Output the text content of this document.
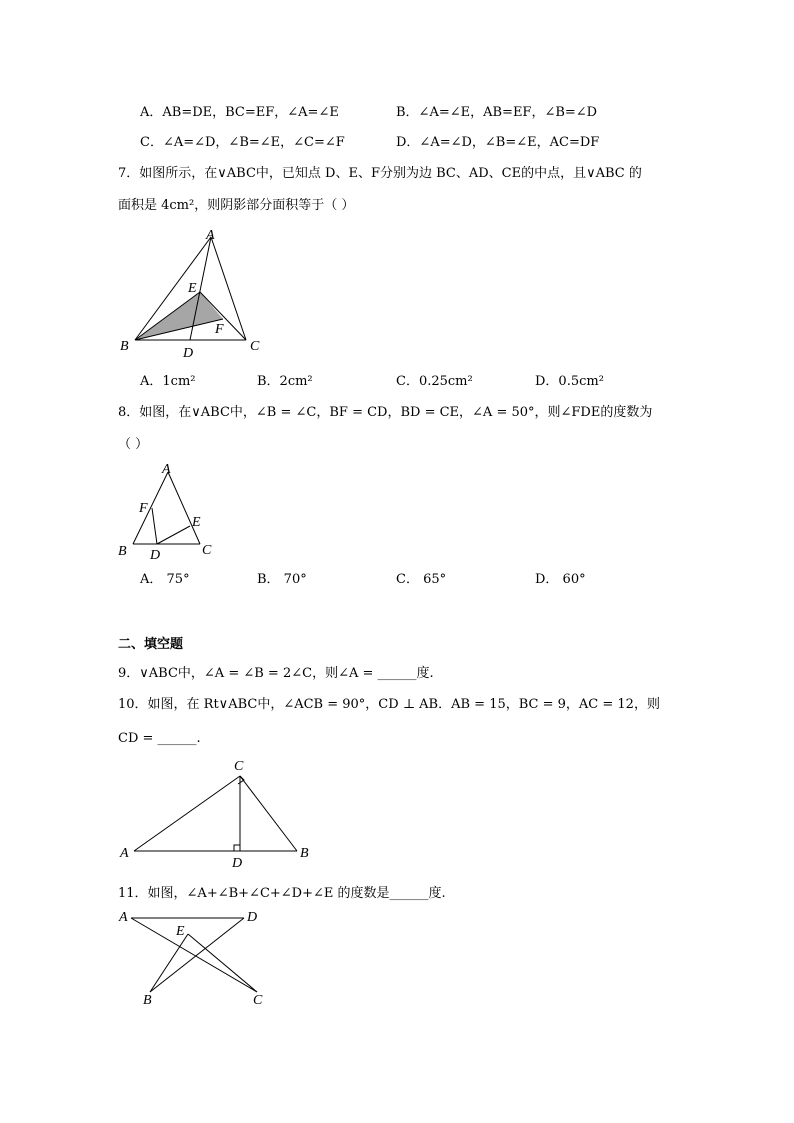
A．AB=DE，BC=EF，∠A=∠E	B．∠A=∠E，AB=EF，∠B=∠D
C．∠A=∠D，∠B=∠E，∠C=∠F	D．∠A=∠D，∠B=∠E，AC=DF
7．如图所示，在∨ABC中，已知点 D、E、F分别为边 BC、AD、CE的中点，且∨ABC 的
面积是 4cm²，则阴影部分面积等于（ ）
A
B	C
D
E
F
A．1cm²	B．2cm²	C．0.25cm²	D．0.5cm²
8．如图，在∨ABC中，∠B = ∠C，BF = CD，BD = CE，∠A = 50°，则∠FDE的度数为
（ ）
A
B	C
D
E
F
A． 75°	B． 70°	C． 65°	D． 60°
二、填空题
9．∨ABC中，∠A = ∠B = 2∠C，则∠A = ______度.
10．如图，在 Rt∨ABC中，∠ACB = 90°，CD ⊥ AB．AB = 15，BC = 9，AC = 12，则
CD = ______.
C
A	B
D
11．如图，∠A+∠B+∠C+∠D+∠E 的度数是______度.
A	D
E
B	C
